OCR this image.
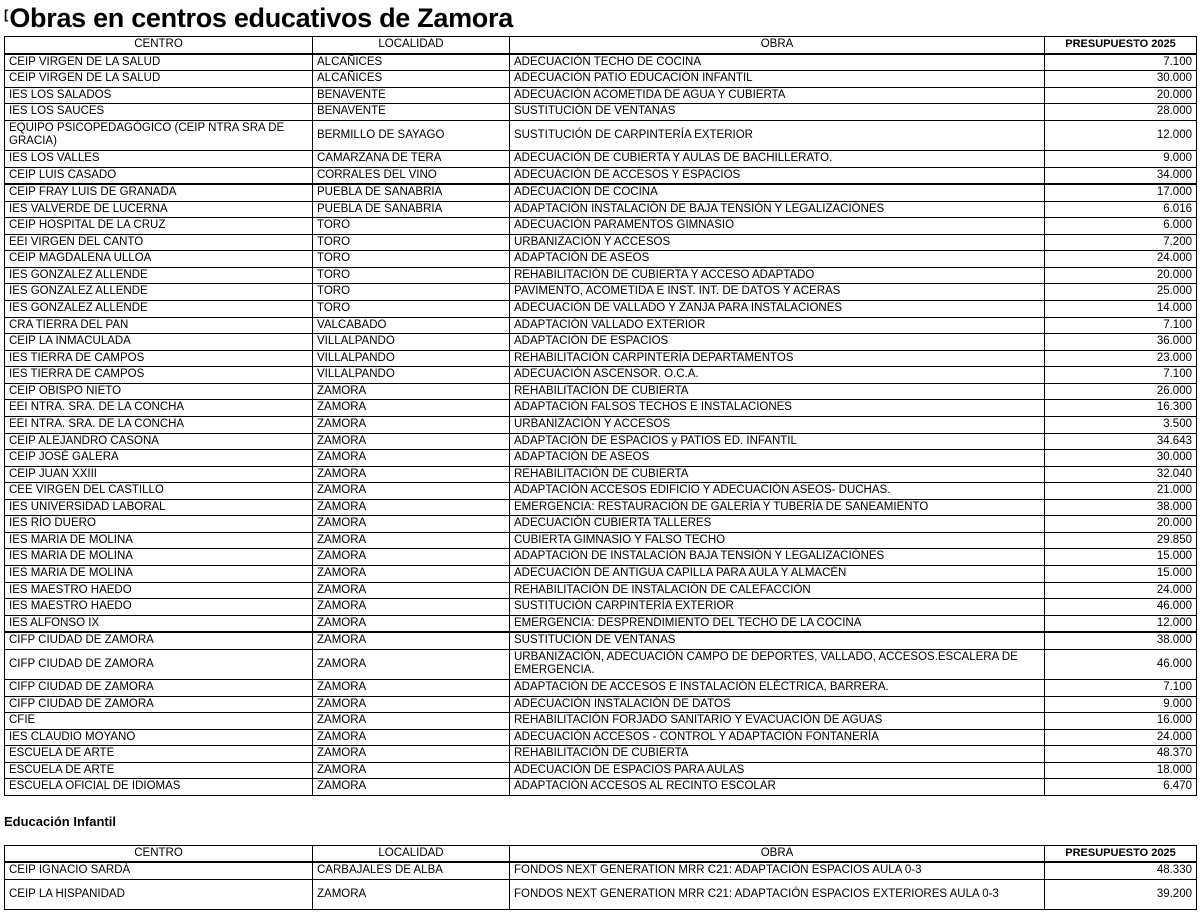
[ Obras en centros educativos de Zamora
CENTRO	LOCALIDAD	OBRA	PRESUPUESTO 2025
CEIP VIRGEN DE LA SALUD	ALCAÑICES	ADECUACIÓN TECHO DE COCINA	7.100
CEIP VIRGEN DE LA SALUD	ALCAÑICES	ADECUACIÓN PATIO EDUCACIÓN INFANTIL	30.000
IES LOS SALADOS	BENAVENTE	ADECUACIÓN ACOMETIDA DE AGUA Y CUBIERTA	20.000
IES LOS SAUCES	BENAVENTE	SUSTITUCIÓN DE VENTANAS	28.000
EQUIPO PSICOPEDAGÓGICO (CEIP NTRA SRA DE GRACIA)	BERMILLO DE SAYAGO	SUSTITUCIÓN DE CARPINTERÍA EXTERIOR	12.000
IES LOS VALLES	CAMARZANA DE TERA	ADECUACIÓN DE CUBIERTA Y AULAS DE BACHILLERATO.	9.000
CEIP LUIS CASADO	CORRALES DEL VINO	ADECUACIÓN DE ACCESOS Y ESPACIOS	34.000
CEIP FRAY LUIS DE GRANADA	PUEBLA DE SANABRIA	ADECUACIÓN DE COCINA	17.000
IES VALVERDE DE LUCERNA	PUEBLA DE SANABRIA	ADAPTACIÓN INSTALACIÓN DE BAJA TENSIÓN Y LEGALIZACIÓNES	6.016
CEIP HOSPITAL DE LA CRUZ	TORO	ADECUACIÓN PARAMENTOS GIMNASIO	6.000
EEI VIRGEN DEL CANTO	TORO	URBANIZACIÓN Y ACCESOS	7.200
CEIP MAGDALENA ULLOA	TORO	ADAPTACIÓN DE ASEOS	24.000
IES GONZALEZ ALLENDE	TORO	REHABILITACIÓN DE CUBIERTA Y ACCESO ADAPTADO	20.000
IES GONZALEZ ALLENDE	TORO	PAVIMENTO, ACOMETIDA E INST. INT. DE DATOS Y ACERAS	25.000
IES GONZALEZ ALLENDE	TORO	ADECUACIÓN DE VALLADO Y ZANJA PARA INSTALACIONES	14.000
CRA TIERRA DEL PAN	VALCABADO	ADAPTACIÓN VALLADO EXTERIOR	7.100
CEIP LA INMACULADA	VILLALPANDO	ADAPTACIÓN DE ESPACIOS	36.000
IES TIERRA DE CAMPOS	VILLALPANDO	REHABILITACIÓN CARPINTERÍA DEPARTAMENTOS	23.000
IES TIERRA DE CAMPOS	VILLALPANDO	ADECUACIÓN ASCENSOR. O.C.A.	7.100
CEIP OBISPO NIETO	ZAMORA	REHABILITACIÓN DE CUBIERTA	26.000
EEI NTRA. SRA. DE LA CONCHA	ZAMORA	ADAPTACIÓN FALSOS TECHOS E INSTALACIONES	16.300
EEI NTRA. SRA. DE LA CONCHA	ZAMORA	URBANIZACIÓN Y ACCESOS	3.500
CEIP ALEJANDRO CASONA	ZAMORA	ADAPTACIÓN DE ESPACIOS y PATIOS ED. INFANTIL	34.643
CEIP JOSÉ GALERA	ZAMORA	ADAPTACIÓN DE ASEOS	30.000
CEIP JUAN XXIII	ZAMORA	REHABILITACIÓN DE CUBIERTA	32.040
CEE VIRGEN DEL CASTILLO	ZAMORA	ADAPTACIÓN ACCESOS EDIFICIO Y ADECUACIÓN ASEOS- DUCHAS.	21.000
IES UNIVERSIDAD LABORAL	ZAMORA	EMERGENCIA: RESTAURACIÓN DE GALERÍA Y TUBERÍA DE SANEAMIENTO	38.000
IES RÍO DUERO	ZAMORA	ADECUACIÓN CUBIERTA TALLERES	20.000
IES MARIA DE MOLINA	ZAMORA	CUBIERTA GIMNASIO Y FALSO TECHO	29.850
IES MARIA DE MOLINA	ZAMORA	ADAPTACIÓN DE INSTALACIÓN BAJA TENSIÓN Y LEGALIZACIÓNES	15.000
IES MARIA DE MOLINA	ZAMORA	ADECUACIÓN DE ANTIGUA CAPILLA PARA AULA Y ALMACÉN	15.000
IES MAESTRO HAEDO	ZAMORA	REHABILITACIÓN DE INSTALACIÓN DE CALEFACCIÓN	24.000
IES MAESTRO HAEDO	ZAMORA	SUSTITUCIÓN CARPINTERÍA EXTERIOR	46.000
IES ALFONSO IX	ZAMORA	EMERGENCIA: DESPRENDIMIENTO DEL TECHO DE LA COCINA	12.000
CIFP CIUDAD DE ZAMORA	ZAMORA	SUSTITUCIÓN DE VENTANAS	38.000
CIFP CIUDAD DE ZAMORA	ZAMORA	URBANIZACIÓN, ADECUACIÓN CAMPO DE DEPORTES, VALLADO, ACCESOS.ESCALERA DE EMERGENCIA.	46.000
CIFP CIUDAD DE ZAMORA	ZAMORA	ADAPTACIÓN DE ACCESOS E INSTALACIÓN ELÉCTRICA, BARRERA.	7.100
CIFP CIUDAD DE ZAMORA	ZAMORA	ADECUACIÓN INSTALACIÓN DE DATOS	9.000
CFIE	ZAMORA	REHABILITACIÓN FORJADO SANITARIO Y EVACUACIÓN DE AGUAS	16.000
IES CLAUDIO MOYANO	ZAMORA	ADECUACIÓN ACCESOS - CONTROL Y ADAPTACIÓN FONTANERÍA	24.000
ESCUELA DE ARTE	ZAMORA	REHABILITACIÓN DE CUBIERTA	48.370
ESCUELA DE ARTE	ZAMORA	ADECUACIÓN DE ESPACIOS PARA AULAS	18.000
ESCUELA OFICIAL DE IDIOMAS	ZAMORA	ADAPTACIÓN ACCESOS AL RECINTO ESCOLAR	6.470
Educación Infantil
CENTRO	LOCALIDAD	OBRA	PRESUPUESTO 2025
CEIP IGNACIO SARDÁ	CARBAJALES DE ALBA	FONDOS NEXT GENERATION MRR C21: ADAPTACIÓN ESPACIOS AULA 0-3	48.330
CEIP LA HISPANIDAD	ZAMORA	FONDOS NEXT GENERATION MRR C21: ADAPTACIÓN ESPACIOS EXTERIORES AULA 0-3	39.200
